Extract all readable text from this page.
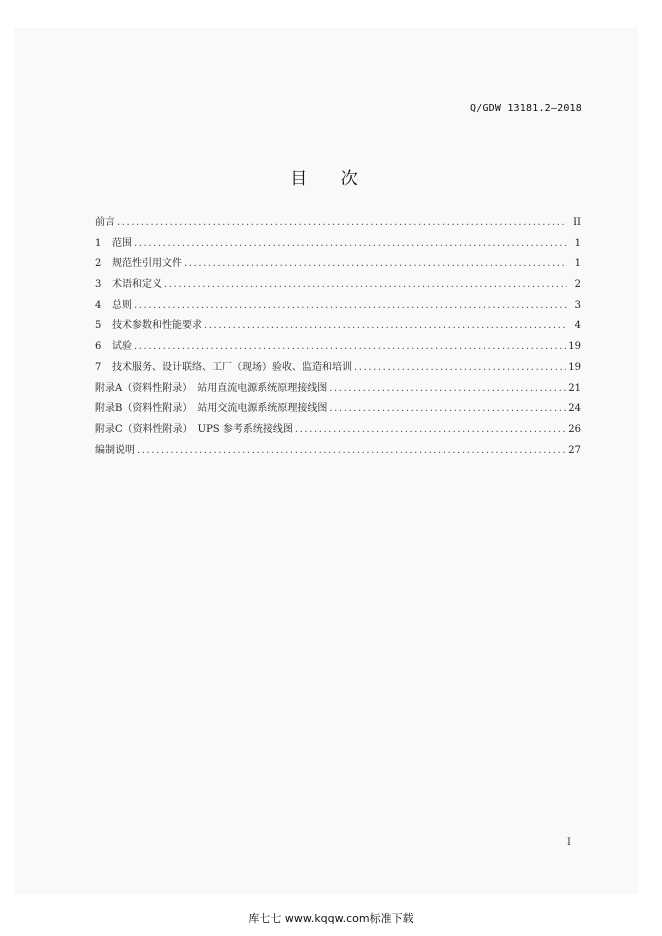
Q/GDW 13181.2—2018
目 次
前言 .....	II
1 范围 .....	1
2 规范性引用文件 .....	1
3 术语和定义 .....	2
4 总则 .....	3
5 技术参数和性能要求 .....	4
6 试验 .....	19
7 技术服务、设计联络、工厂（现场）验收、监造和培训 .....	19
附录A（资料性附录）　站用直流电源系统原理接线图 .....	21
附录B（资料性附录）　站用交流电源系统原理接线图 .....	24
附录C（资料性附录）　UPS 参考系统接线图 .....	26
编制说明 .....	27
I
库七七 www.kqqw.com标准下载
